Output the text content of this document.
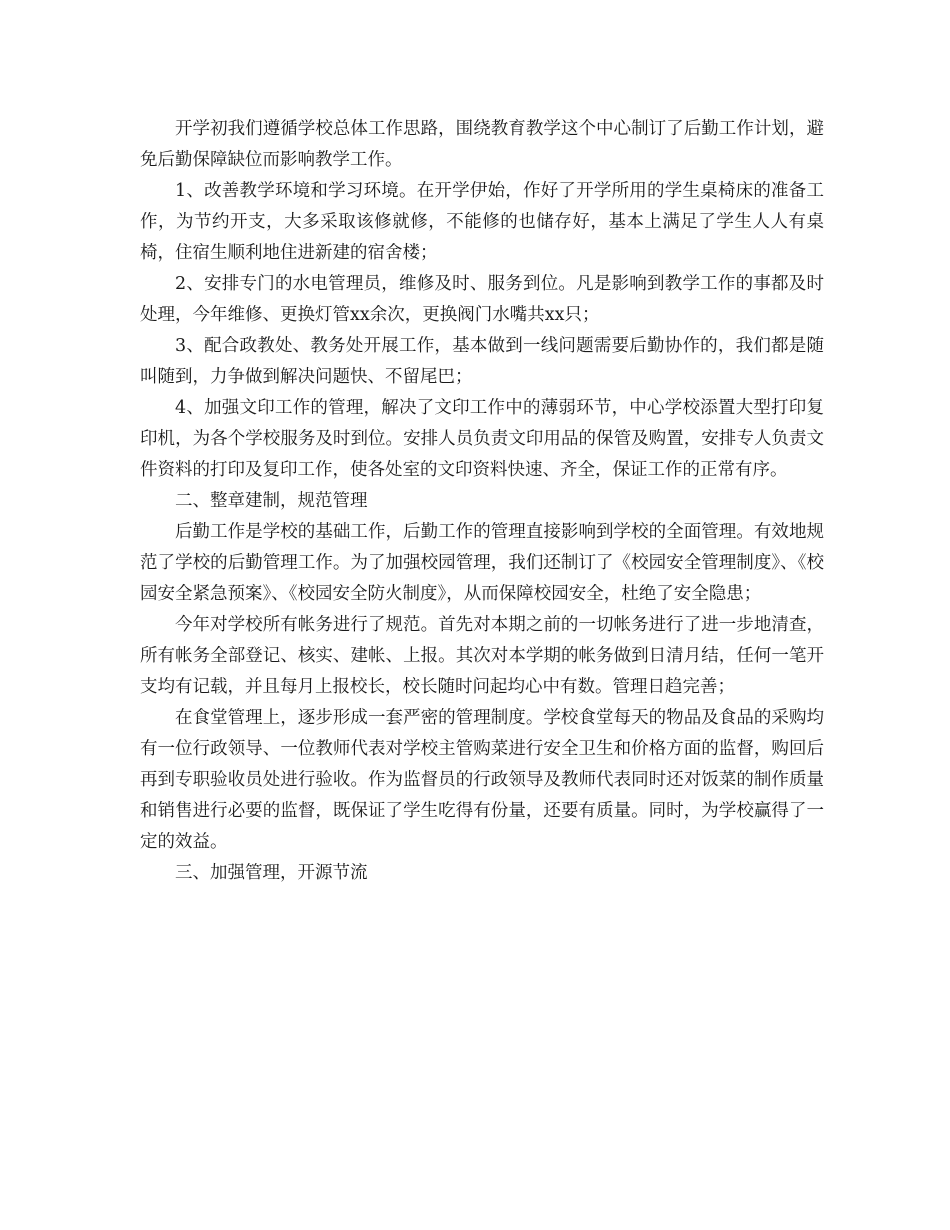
开学初我们遵循学校总体工作思路，围绕教育教学这个中心制订了后勤工作计划，避免后勤保障缺位而影响教学工作。

1、改善教学环境和学习环境。在开学伊始，作好了开学所用的学生桌椅床的准备工作，为节约开支，大多采取该修就修，不能修的也储存好，基本上满足了学生人人有桌椅，住宿生顺利地住进新建的宿舍楼；

2、安排专门的水电管理员，维修及时、服务到位。凡是影响到教学工作的事都及时处理，今年维修、更换灯管xx余次，更换阀门水嘴共xx只；

3、配合政教处、教务处开展工作，基本做到一线问题需要后勤协作的，我们都是随叫随到，力争做到解决问题快、不留尾巴；

4、加强文印工作的管理，解决了文印工作中的薄弱环节，中心学校添置大型打印复印机，为各个学校服务及时到位。安排人员负责文印用品的保管及购置，安排专人负责文件资料的打印及复印工作，使各处室的文印资料快速、齐全，保证工作的正常有序。

二、整章建制，规范管理

后勤工作是学校的基础工作，后勤工作的管理直接影响到学校的全面管理。有效地规范了学校的后勤管理工作。为了加强校园管理，我们还制订了《校园安全管理制度》、《校园安全紧急预案》、《校园安全防火制度》，从而保障校园安全，杜绝了安全隐患；

今年对学校所有帐务进行了规范。首先对本期之前的一切帐务进行了进一步地清查，所有帐务全部登记、核实、建帐、上报。其次对本学期的帐务做到日清月结，任何一笔开支均有记载，并且每月上报校长，校长随时问起均心中有数。管理日趋完善；

在食堂管理上，逐步形成一套严密的管理制度。学校食堂每天的物品及食品的采购均有一位行政领导、一位教师代表对学校主管购菜进行安全卫生和价格方面的监督，购回后再到专职验收员处进行验收。作为监督员的行政领导及教师代表同时还对饭菜的制作质量和销售进行必要的监督，既保证了学生吃得有份量，还要有质量。同时，为学校赢得了一定的效益。

三、加强管理，开源节流
